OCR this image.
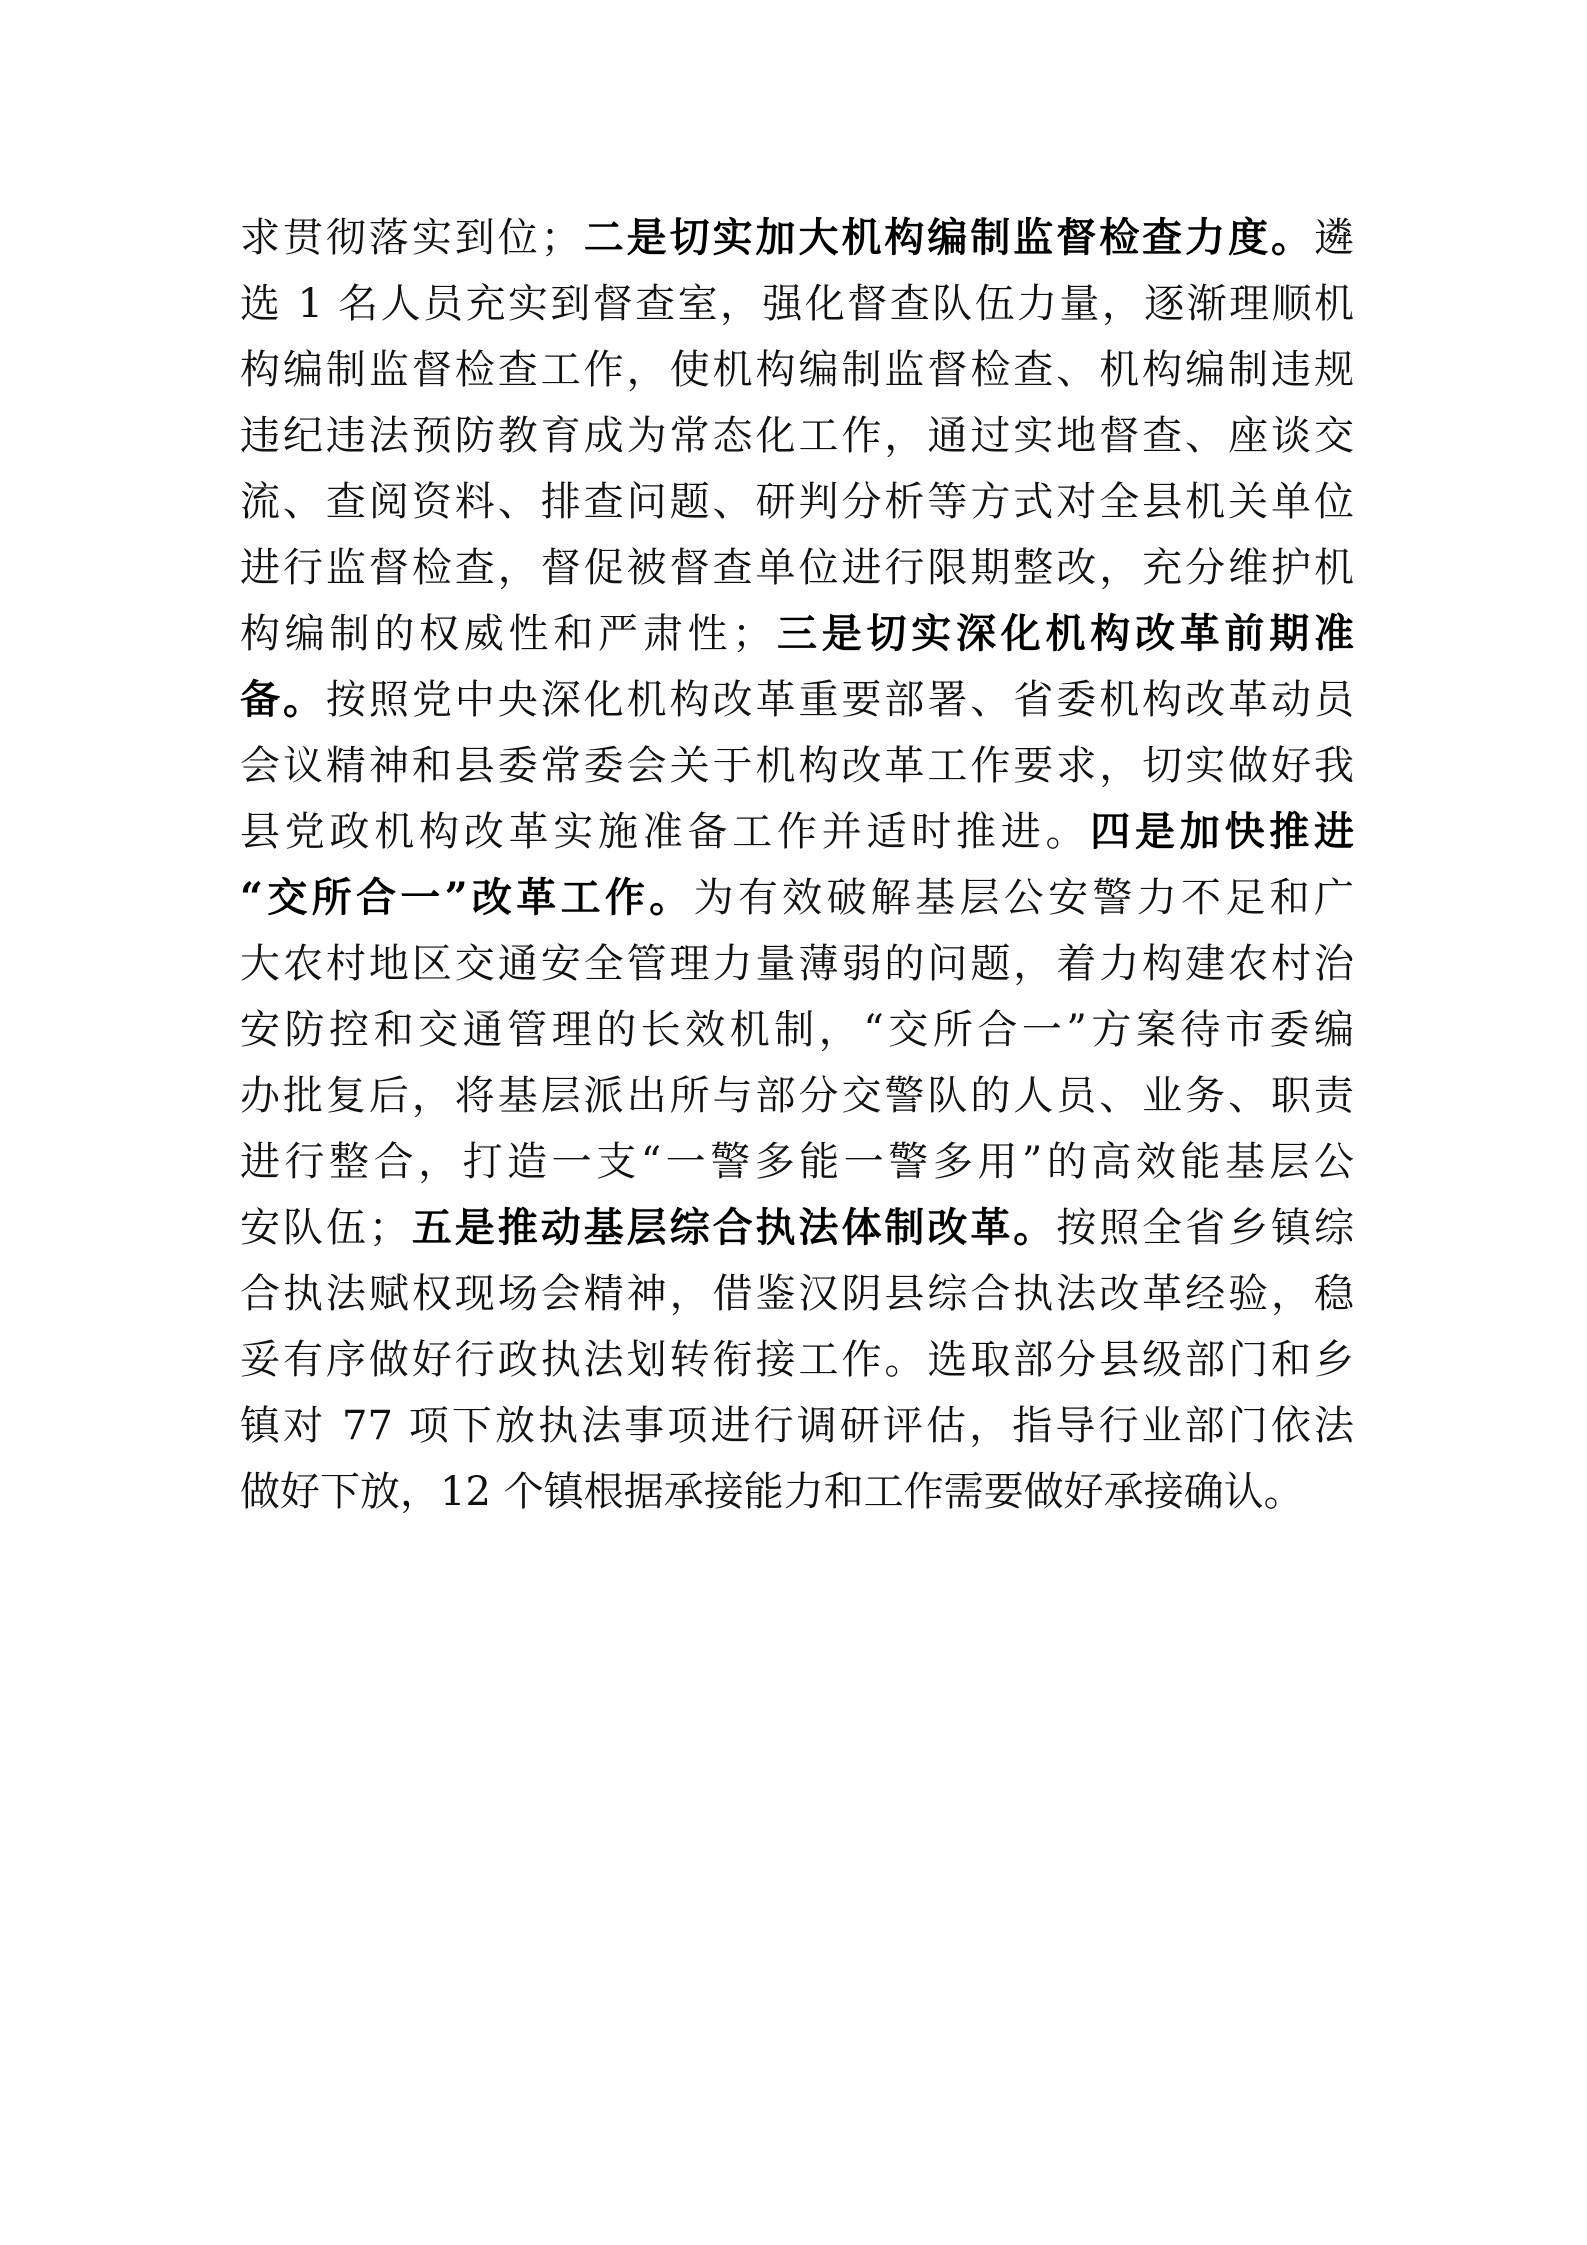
求贯彻落实到位；二是切实加大机构编制监督检查力度。遴
选 1 名人员充实到督查室，强化督查队伍力量，逐渐理顺机
构编制监督检查工作，使机构编制监督检查、机构编制违规
违纪违法预防教育成为常态化工作，通过实地督查、座谈交
流、查阅资料、排查问题、研判分析等方式对全县机关单位
进行监督检查，督促被督查单位进行限期整改，充分维护机
构编制的权威性和严肃性；三是切实深化机构改革前期准
备。按照党中央深化机构改革重要部署、省委机构改革动员
会议精神和县委常委会关于机构改革工作要求，切实做好我
县党政机构改革实施准备工作并适时推进。四是加快推进
“交所合一”改革工作。为有效破解基层公安警力不足和广
大农村地区交通安全管理力量薄弱的问题，着力构建农村治
安防控和交通管理的长效机制，“交所合一”方案待市委编
办批复后，将基层派出所与部分交警队的人员、业务、职责
进行整合，打造一支“一警多能一警多用”的高效能基层公
安队伍；五是推动基层综合执法体制改革。按照全省乡镇综
合执法赋权现场会精神，借鉴汉阴县综合执法改革经验，稳
妥有序做好行政执法划转衔接工作。选取部分县级部门和乡
镇对 77 项下放执法事项进行调研评估，指导行业部门依法
做好下放，12 个镇根据承接能力和工作需要做好承接确认。
